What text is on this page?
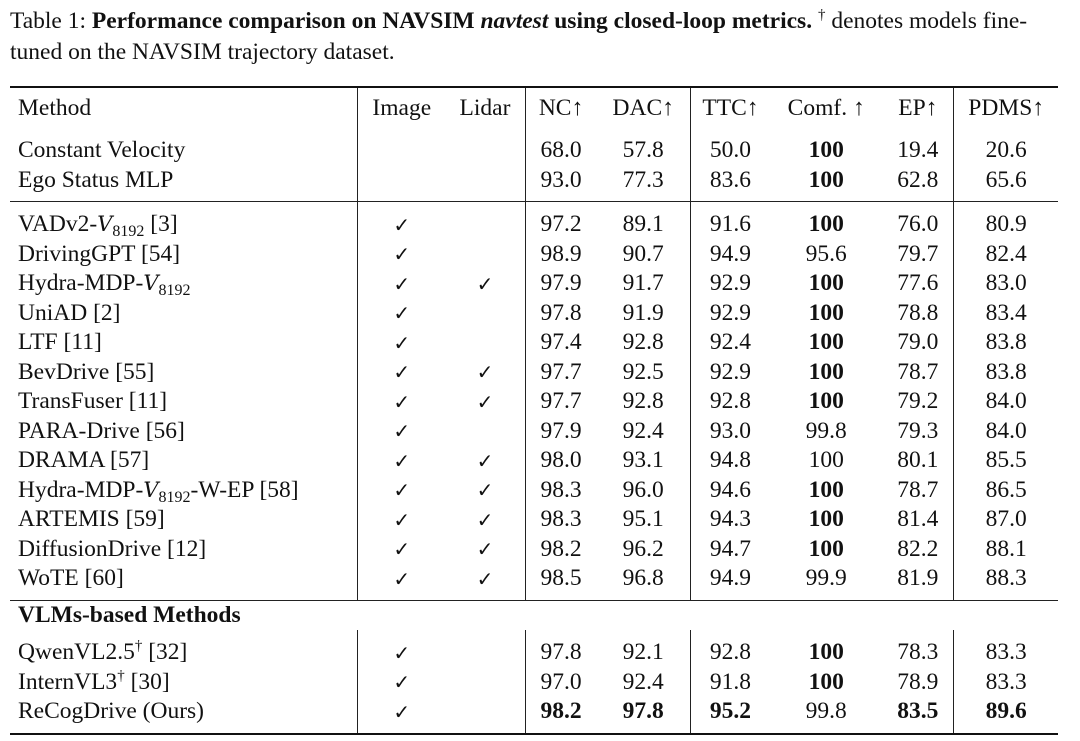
Table 1: Performance comparison on NAVSIM navtest using closed-loop metrics. † denotes models fine-tuned on the NAVSIM trajectory dataset.
Method	Image	Lidar	NC↑	DAC↑	TTC↑	Comf. ↑	EP↑	PDMS↑
Constant Velocity			68.0	57.8	50.0	100	19.4	20.6
Ego Status MLP			93.0	77.3	83.6	100	62.8	65.6
$VADv2-V_{8192}$ [3]	✓		97.2	89.1	91.6	100	76.0	80.9
DrivingGPT [54]	✓		98.9	90.7	94.9	95.6	79.7	82.4
Hydra-$MDP-V_{8192}$	✓	✓	97.9	91.7	92.9	100	77.6	83.0
UniAD [2]	✓		97.8	91.9	92.9	100	78.8	83.4
LTF [11]	✓		97.4	92.8	92.4	100	79.0	83.8
BevDrive [55]	✓	✓	97.7	92.5	92.9	100	78.7	83.8
TransFuser [11]	✓	✓	97.7	92.8	92.8	100	79.2	84.0
PARA-Drive [56]	✓		97.9	92.4	93.0	99.8	79.3	84.0
DRAMA [57]	✓	✓	98.0	93.1	94.8	100	80.1	85.5
Hydra-$MDP-V_{8192}-W-EP$ [58]	✓	✓	98.3	96.0	94.6	100	78.7	86.5
ARTEMIS [59]	✓	✓	98.3	95.1	94.3	100	81.4	87.0
DiffusionDrive [12]	✓	✓	98.2	96.2	94.7	100	82.2	88.1
WoTE [60]	✓	✓	98.5	96.8	94.9	99.9	81.9	88.3
VLMs-based Methods								
QwenVL2.5† [32]	✓		97.8	92.1	92.8	100	78.3	83.3
InternVL3† [30]	✓		97.0	92.4	91.8	100	78.9	83.3
ReCogDrive (Ours)	✓		98.2	97.8	95.2	99.8	83.5	89.6
